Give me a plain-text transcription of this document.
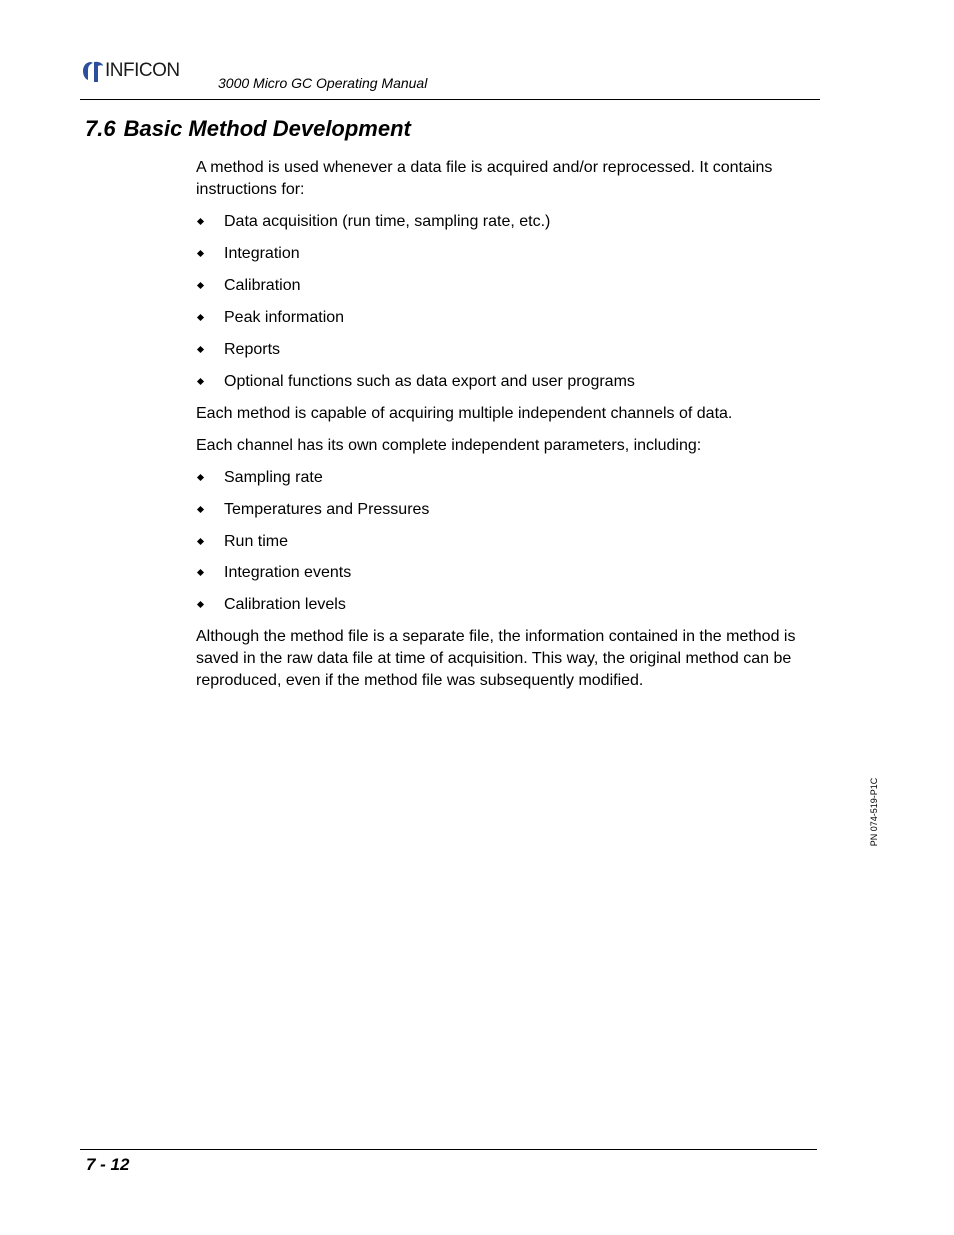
INFICON
3000 Micro GC Operating Manual
7.6 Basic Method Development

A method is used whenever a data file is acquired and/or reprocessed. It contains instructions for:

Data acquisition (run time, sampling rate, etc.)
Integration
Calibration
Peak information
Reports
Optional functions such as data export and user programs

Each method is capable of acquiring multiple independent channels of data.

Each channel has its own complete independent parameters, including:

Sampling rate
Temperatures and Pressures
Run time
Integration events
Calibration levels

Although the method file is a separate file, the information contained in the method is saved in the raw data file at time of acquisition. This way, the original method can be reproduced, even if the method file was subsequently modified.

PN 074-519-P1C
7 - 12
